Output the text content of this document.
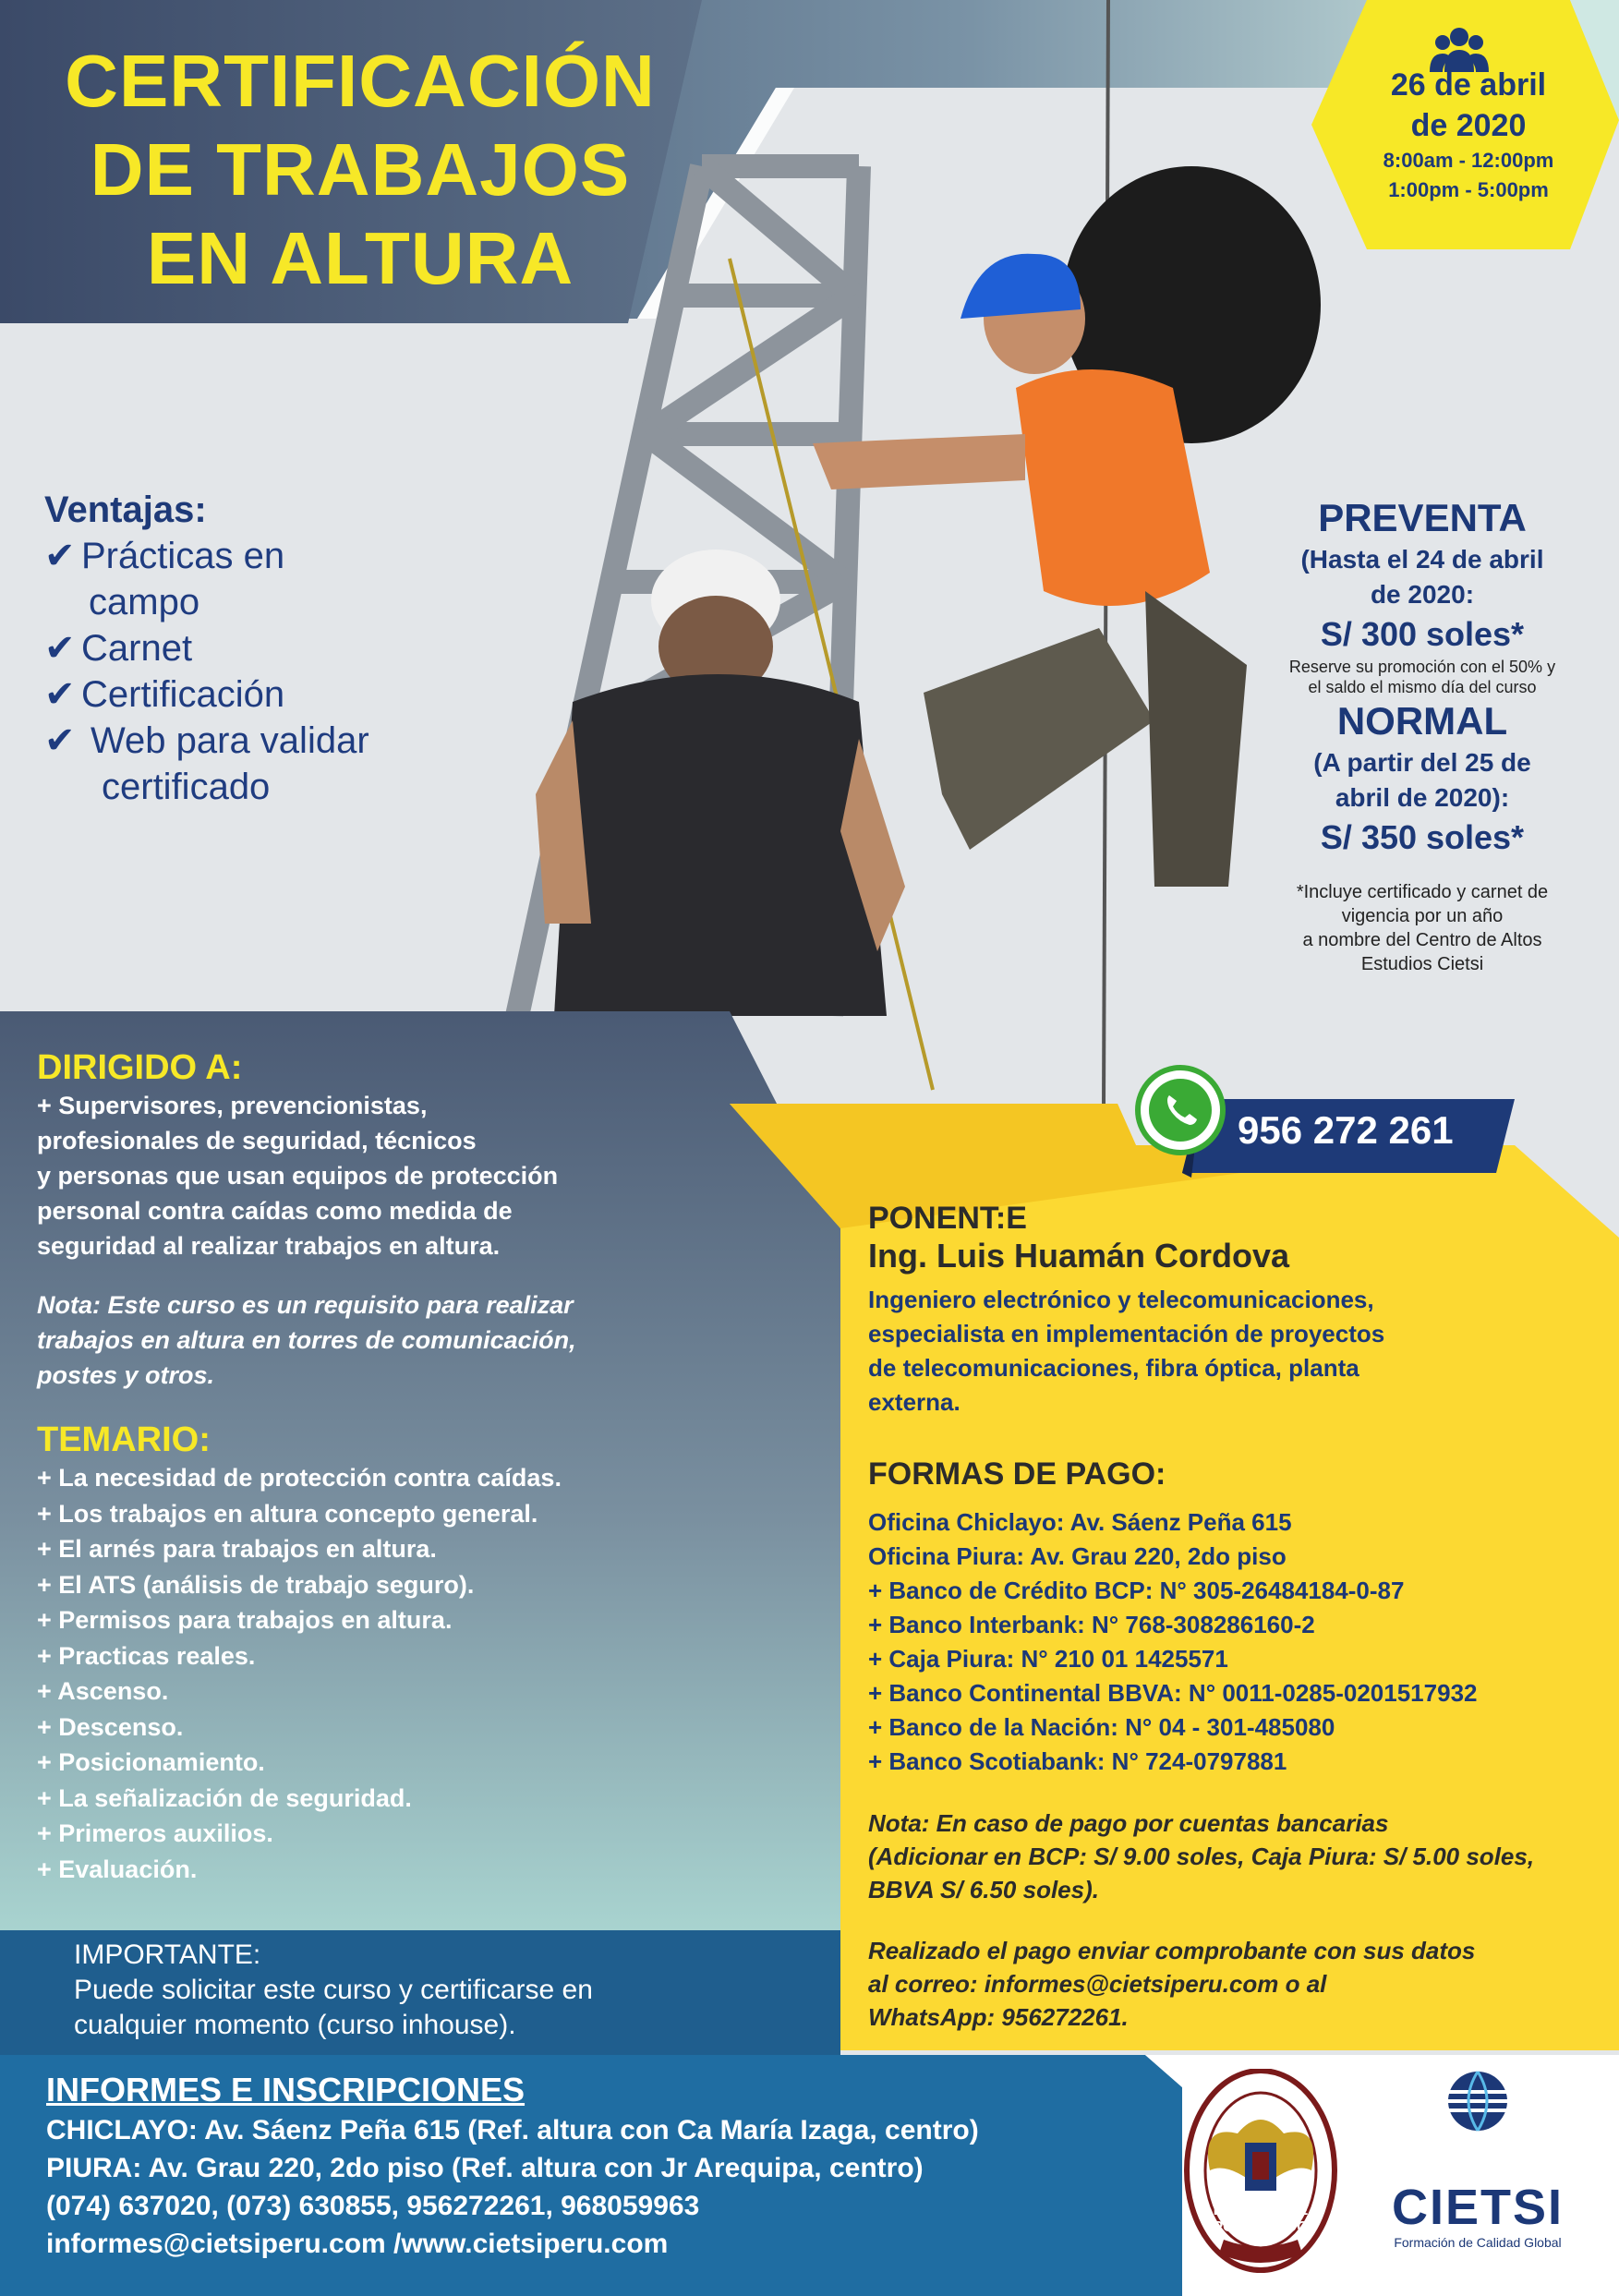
CERTIFICACIÓN
DE TRABAJOS
EN ALTURA
26 de abril
de 2020
8:00am - 12:00pm
1:00pm - 5:00pm
Ventajas:
✔ Prácticas en
campo
✔ Carnet
✔ Certificación
✔ Web para validar
certificado
PREVENTA
(Hasta el 24 de abril
de 2020:
S/ 300 soles*
Reserve su promoción con el 50% y
el saldo el mismo día del curso
NORMAL
(A partir del 25 de
abril de 2020):
S/ 350 soles*
*Incluye certificado y carnet de
vigencia por un año
a nombre del Centro de Altos
Estudios Cietsi
DIRIGIDO A:
+ Supervisores, prevencionistas,
profesionales de seguridad, técnicos
y personas que usan equipos de protección
personal contra caídas como medida de
seguridad al realizar trabajos en altura.
Nota: Este curso es un requisito para realizar
trabajos en altura en torres de comunicación,
postes y otros.
TEMARIO:
+ La necesidad de protección contra caídas.
+ Los trabajos en altura concepto general.
+ El arnés para trabajos en altura.
+ El ATS (análisis de trabajo seguro).
+ Permisos para trabajos en altura.
+ Practicas reales.
+ Ascenso.
+ Descenso.
+ Posicionamiento.
+ La señalización de seguridad.
+ Primeros auxilios.
+ Evaluación.
IMPORTANTE:
Puede solicitar este curso y certificarse en
cualquier momento (curso inhouse).
956 272 261
PONENT:E
Ing. Luis Huamán Cordova
Ingeniero electrónico y telecomunicaciones,
especialista en implementación de proyectos
de telecomunicaciones, fibra óptica, planta
externa.
FORMAS DE PAGO:
Oficina Chiclayo: Av. Sáenz Peña 615
Oficina Piura: Av. Grau 220, 2do piso
+ Banco de Crédito BCP: N° 305-26484184-0-87
+ Banco Interbank: N° 768-308286160-2
+ Caja Piura: N° 210 01 1425571
+ Banco Continental BBVA: N° 0011-0285-0201517932
+ Banco de la Nación: N° 04 - 301-485080
+ Banco Scotiabank: N° 724-0797881
Nota: En caso de pago por cuentas bancarias
(Adicionar en BCP: S/ 9.00 soles, Caja Piura: S/ 5.00 soles,
BBVA S/ 6.50 soles).
Realizado el pago enviar comprobante con sus datos
al correo: informes@cietsiperu.com o al
WhatsApp: 956272261.
INFORMES E INSCRIPCIONES
CHICLAYO: Av. Sáenz Peña 615 (Ref. altura con Ca María Izaga, centro)
PIURA: Av. Grau 220, 2do piso (Ref. altura con Jr Arequipa, centro)
(074) 637020, (073) 630855, 956272261, 968059963
informes@cietsiperu.com /www.cietsiperu.com
ESCUELA DE POSTGRADO	CIETSI
Formación de Calidad Global
